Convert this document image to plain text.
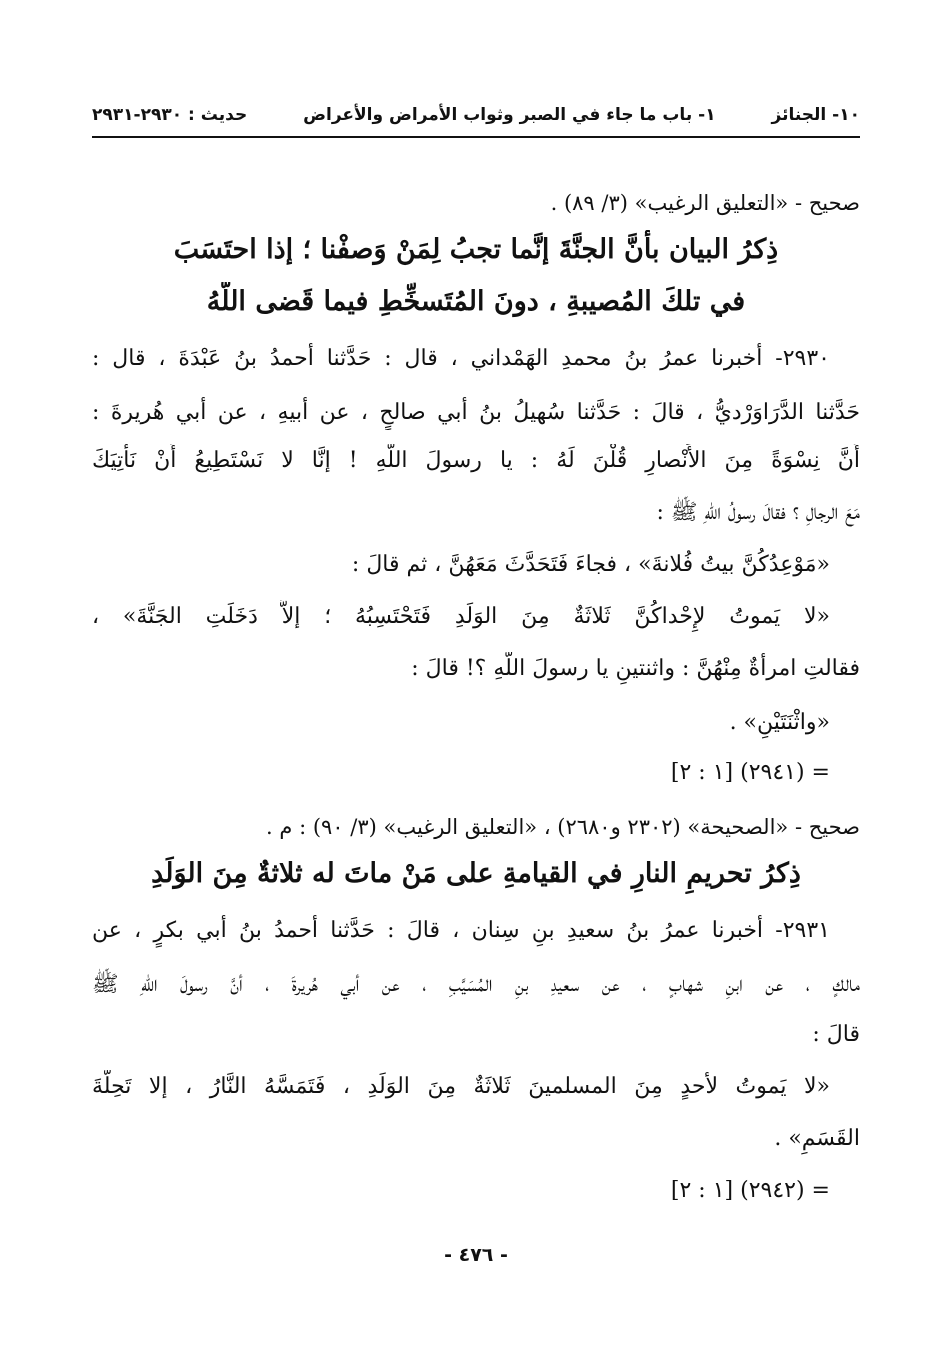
١٠- الجنائز
١- باب ما جاء في الصبر وثواب الأمراض والأعراض
حديث : ٢٩٣٠-٢٩٣١
صحيح - «التعليق الرغيب» (٣/ ٨٩) .
ذِكرُ البيان بأنَّ الجنَّةَ إنَّما تجبُ لِمَنْ وَصفْنا ؛ إذا احتَسَبَ
في تلكَ المُصيبةِ ، دونَ المُتَسخِّطِ فيما قَضى اللّهُ
٢٩٣٠- أخبرنا عمرُ بنُ محمدِ الهَمْداني ، قال : حَدَّثنا أحمدُ بنُ عَبْدَةَ ، قال :
حَدَّثنا الدَّرَاوَرْديُّ ، قالَ : حَدَّثنا سُهيلُ بنُ أبي صالحٍ ، عن أبيهِ ، عن أبي هُريرةَ :
أَنَّ نِسْوَةً مِنَ الأَنْصارِ قُلْنَ لَهُ : يا رسولَ اللّهِ ! إنَّا لا نَسْتَطِيعُ أَنْ نَأْتِيَكَ
مَعَ الرجالِ ؟ فقالَ رسولُ اللّهِ ﷺ :
«مَوْعِدُكُنَّ بيتُ فُلانةَ» ، فجاءَ فَتَحَدَّثَ مَعَهُنَّ ، ثم قالَ :
«لا يَموتُ لإِحْداكُنَّ ثَلاثَةٌ مِنَ الوَلَدِ فَتَحْتَسِبُهُ ؛ إلاَّ دَخَلَتِ الجَنَّةَ» ،
فقالتِ امرأةٌ مِنْهُنَّ : واثنتينِ يا رسولَ اللّهِ ؟! قالَ :
«واثْنَتَيْنِ» .
= (٢٩٤١) [١ : ٢]
صحيح - «الصحيحة» (٢٣٠٢ و٢٦٨٠) ، «التعليق الرغيب» (٣/ ٩٠) : م .
ذِكرُ تحريمِ النارِ في القيامةِ على مَنْ ماتَ له ثلاثةٌ مِنَ الوَلَدِ
٢٩٣١- أخبرنا عمرُ بنُ سعيدِ بنِ سِنان ، قالَ : حَدَّثنا أحمدُ بنُ أبي بكرٍ ، عن
مالكٍ ، عن ابنِ شهابٍ ، عن سعيدِ بنِ المُسَيَّبِ ، عن أبي هُريرةَ ، أنَّ رسولَ اللّهِ ﷺ
قالَ :
«لا يَموتُ لأحدٍ مِنَ المسلمينَ ثَلاثَةٌ مِنَ الوَلَدِ ، فَتَمَسَّهُ النَّارُ ، إلا تَحِلَّةَ
القَسَمِ» .
= (٢٩٤٢) [١ : ٢]
- ٤٧٦ -
